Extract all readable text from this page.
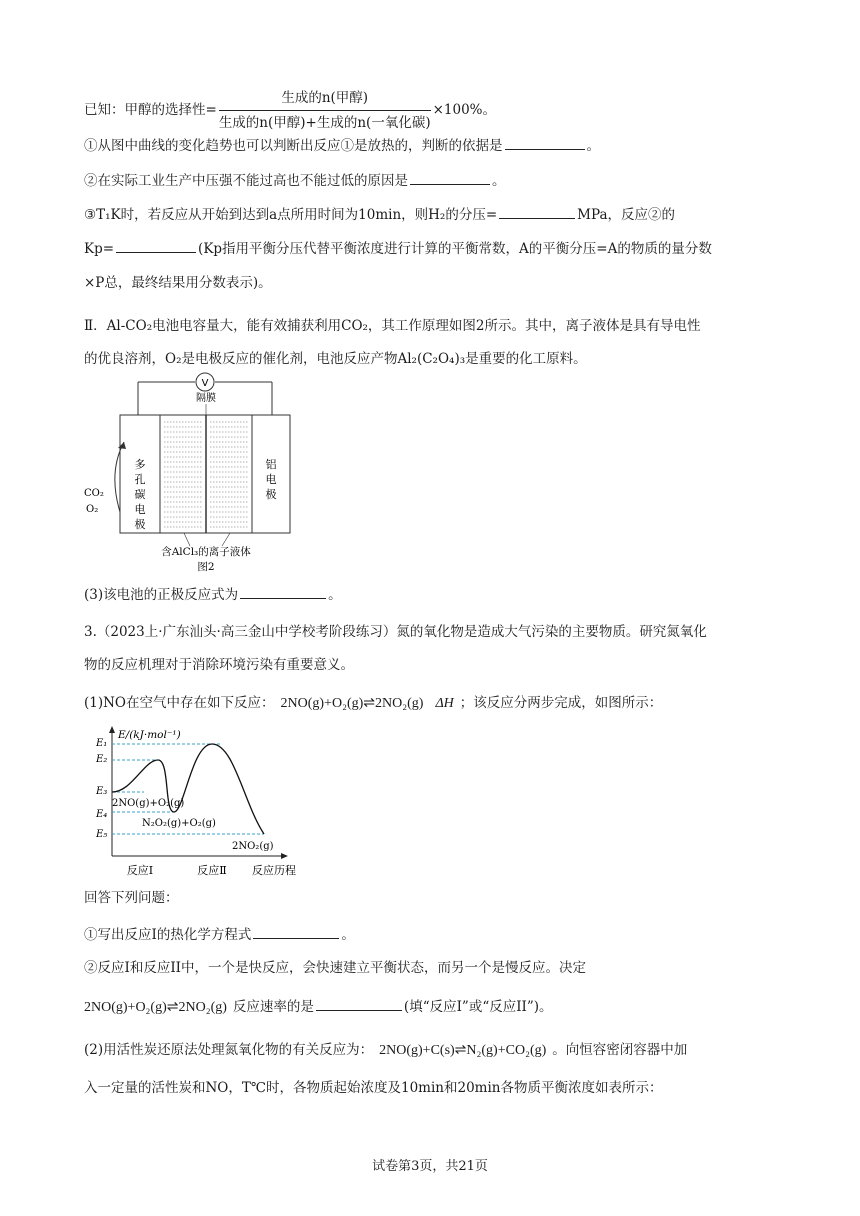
已知：甲醇的选择性= $\frac{\text{生成的n(甲醇)}}{\text{生成的n(甲醇)+生成的n(一氧化碳)}} \times 100\%$。
①从图中曲线的变化趋势也可以判断出反应①是放热的，判断的依据是	。
②在实际工业生产中压强不能过高也不能过低的原因是	。
③T₁K时，若反应从开始到达到a点所用时间为10min，则H₂的分压=	MPa，反应②的
Kp=	(Kp指用平衡分压代替平衡浓度进行计算的平衡常数，A的平衡分压=A的物质的量分数
×P总，最终结果用分数表示)。
Ⅱ．Al-CO₂电池电容量大，能有效捕获利用CO₂，其工作原理如图2所示。其中，离子液体是具有导电性
的优良溶剂，O₂是电极反应的催化剂，电池反应产物Al₂(C₂O₄)₃是重要的化工原料。
V
隔膜
多
孔
碳
电
极
铝
电
极
CO₂
O₂
含AlCl₃的离子液体
图2
(3)该电池的正极反应式为	。
3.（2023上·广东汕头·高三金山中学校考阶段练习）氮的氧化物是造成大气污染的主要物质。研究氮氧化
物的反应机理对于消除环境污染有重要意义。
(1)NO在空气中存在如下反应： 2NO(g)+O₂(g)⇌2NO₂(g) ΔH ；该反应分两步完成，如图所示：
E/(kJ·mol⁻¹)
E₁
E₂
E₃
E₄
E₅
2NO(g)+O₂(g)
N₂O₂(g)+O₂(g)
2NO₂(g)
反应Ⅰ	反应Ⅱ 反应历程
回答下列问题：
①写出反应I的热化学方程式	。
②反应I和反应II中，一个是快反应，会快速建立平衡状态，而另一个是慢反应。决定
2NO(g)+O₂(g)⇌2NO₂(g) 反应速率的是	(填“反应I”或“反应II”)。
(2)用活性炭还原法处理氮氧化物的有关反应为： 2NO(g)+C(s)⇌N₂(g)+CO₂(g) 。向恒容密闭容器中加
入一定量的活性炭和NO，T℃时，各物质起始浓度及10min和20min各物质平衡浓度如表所示：
试卷第3页，共21页
